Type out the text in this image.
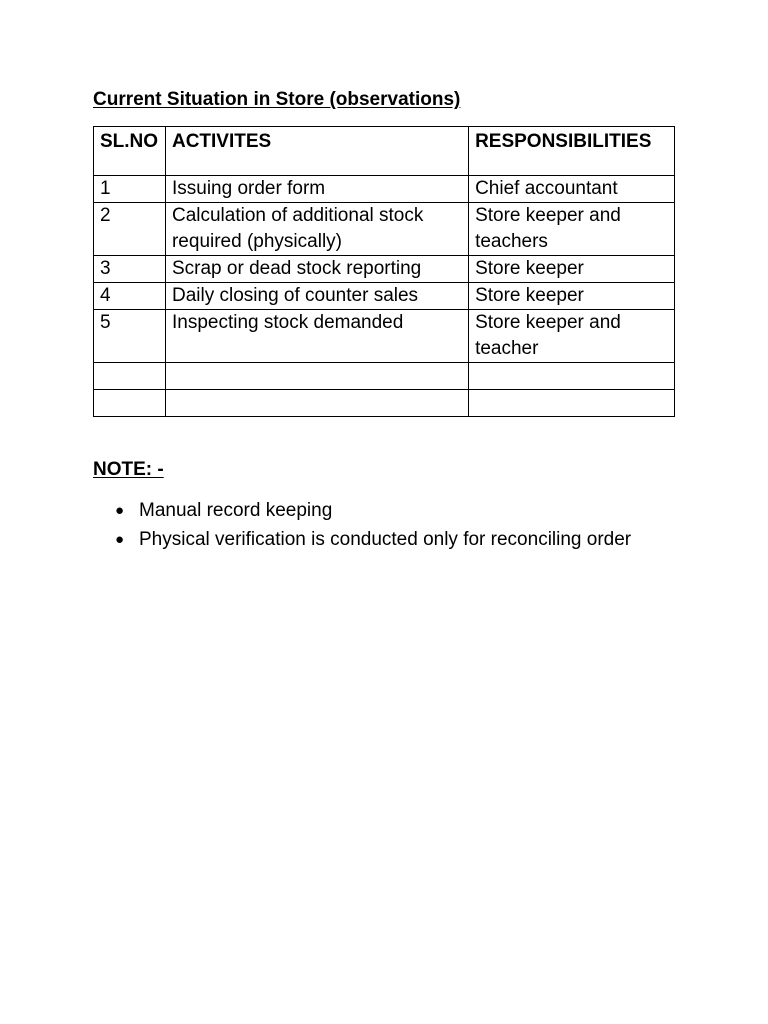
Current Situation in Store (observations)
SL.NO	ACTIVITES	RESPONSIBILITIES
1	Issuing order form	Chief accountant
2	Calculation of additional stock required (physically)	Store keeper and teachers
3	Scrap or dead stock reporting	Store keeper
4	Daily closing of counter sales	Store keeper
5	Inspecting stock demanded	Store keeper and teacher

NOTE: -
● Manual record keeping
● Physical verification is conducted only for reconciling order
